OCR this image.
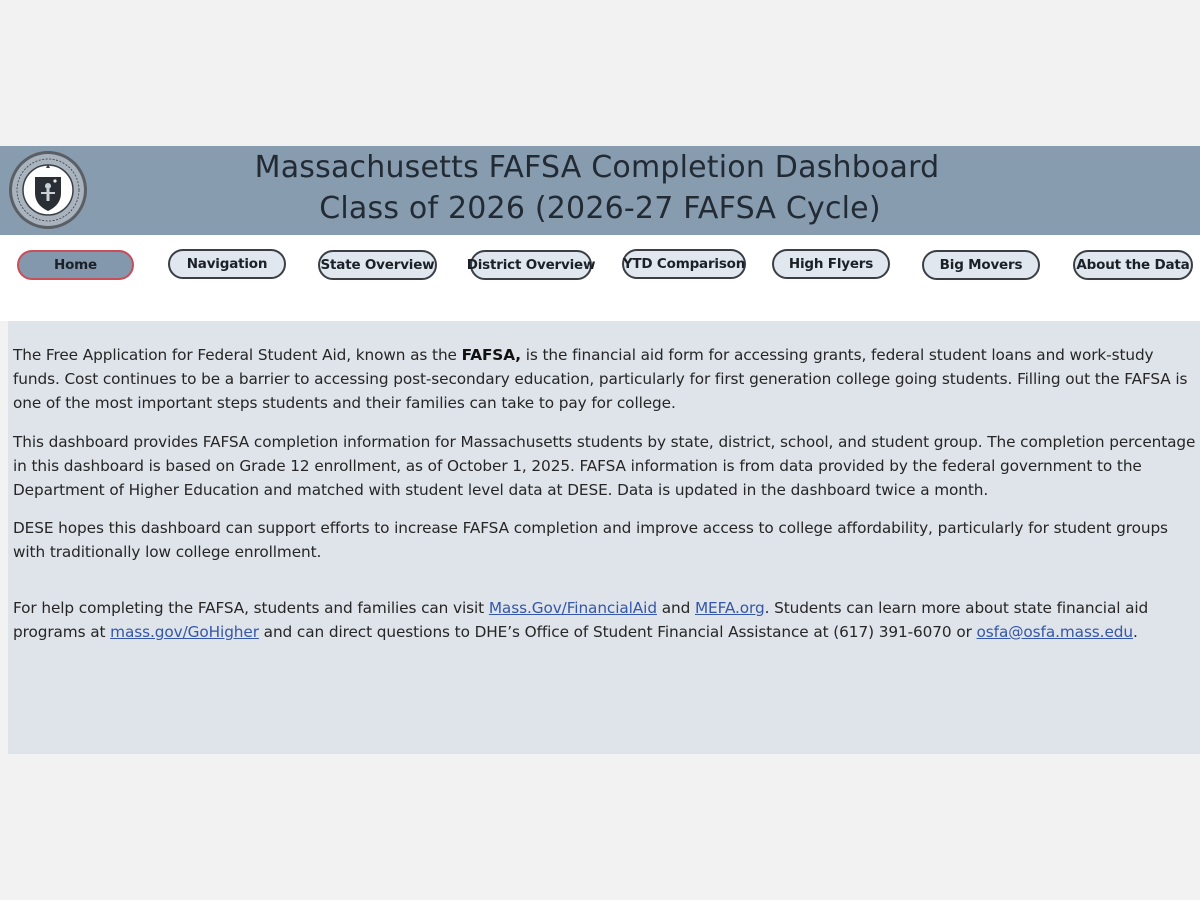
Massachusetts FAFSA Completion Dashboard
Class of 2026 (2026-27 FAFSA Cycle)
Home	Navigation	State Overview District Overview YTD Comparison	High Flyers	Big Movers	About the Data

The Free Application for Federal Student Aid, known as the FAFSA, is the financial aid form for accessing grants, federal student loans and work-study funds. Cost continues to be a barrier to accessing post-secondary education, particularly for first generation college going students. Filling out the FAFSA is one of the most important steps students and their families can take to pay for college.

This dashboard provides FAFSA completion information for Massachusetts students by state, district, school, and student group. The completion percentage in this dashboard is based on Grade 12 enrollment, as of October 1, 2025. FAFSA information is from data provided by the federal government to the Department of Higher Education and matched with student level data at DESE. Data is updated in the dashboard twice a month.

DESE hopes this dashboard can support efforts to increase FAFSA completion and improve access to college affordability, particularly for student groups with traditionally low college enrollment.

For help completing the FAFSA, students and families can visit Mass.Gov/FinancialAid and MEFA.org. Students can learn more about state financial aid programs at mass.gov/GoHigher and can direct questions to DHE’s Office of Student Financial Assistance at (617) 391-6070 or osfa@osfa.mass.edu.
